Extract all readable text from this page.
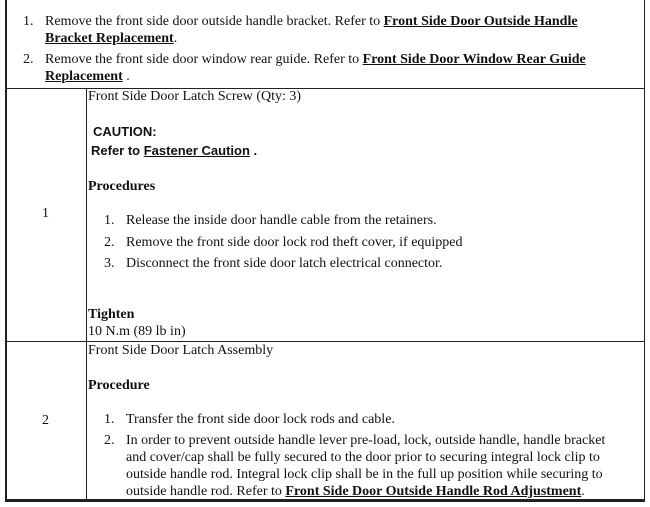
1. Remove the front side door outside handle bracket. Refer to Front Side Door Outside Handle
Bracket Replacement.
2. Remove the front side door window rear guide. Refer to Front Side Door Window Rear Guide
Replacement .
1
Front Side Door Latch Screw (Qty: 3)
CAUTION:
Refer to Fastener Caution .
Procedures
1. Release the inside door handle cable from the retainers.
2. Remove the front side door lock rod theft cover, if equipped
3. Disconnect the front side door latch electrical connector.
Tighten
10 N.m (89 lb in)
2
Front Side Door Latch Assembly
Procedure
1. Transfer the front side door lock rods and cable.
2. In order to prevent outside handle lever pre-load, lock, outside handle, handle bracket
and cover/cap shall be fully secured to the door prior to securing integral lock clip to
outside handle rod. Integral lock clip shall be in the full up position while securing to
outside handle rod. Refer to Front Side Door Outside Handle Rod Adjustment.
